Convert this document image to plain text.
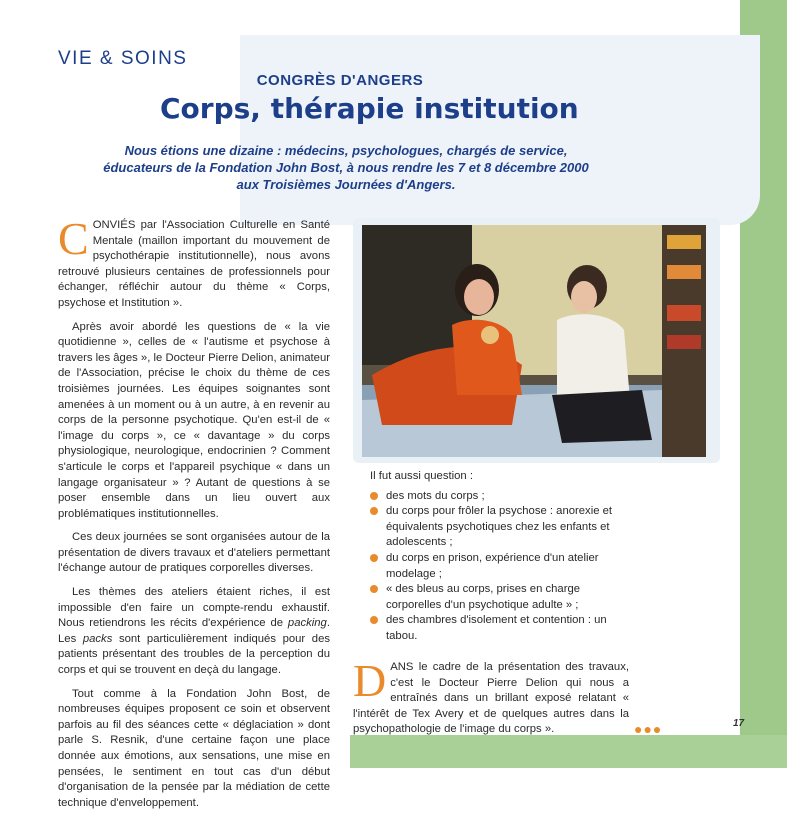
VIE & SOINS
CONGRÈS D'ANGERS
Corps, thérapie institution
Nous étions une dizaine : médecins, psychologues, chargés de service, éducateurs de la Fondation John Bost, à nous rendre les 7 et 8 décembre 2000 aux Troisièmes Journées d'Angers.

CONVIÉS par l'Association Culturelle en Santé Mentale (maillon important du mouvement de psychothérapie institutionnelle), nous avons retrouvé plusieurs centaines de professionnels pour échanger, réfléchir autour du thème « Corps, psychose et Institution ».

Après avoir abordé les questions de « la vie quotidienne », celles de « l'autisme et psychose à travers les âges », le Docteur Pierre Delion, animateur de l'Association, précise le choix du thème de ces troisièmes journées. Les équipes soignantes sont amenées à un moment ou à un autre, à en revenir au corps de la personne psychotique. Qu'en est-il de « l'image du corps », ce « davantage » du corps physiologique, neurologique, endocrinien ? Comment s'articule le corps et l'appareil psychique « dans un langage organisateur » ? Autant de questions à se poser ensemble dans un lieu ouvert aux problématiques institutionnelles.

Ces deux journées se sont organisées autour de la présentation de divers travaux et d'ateliers permettant l'échange autour de pratiques corporelles diverses.

Les thèmes des ateliers étaient riches, il est impossible d'en faire un compte-rendu exhaustif. Nous retiendrons les récits d'expérience de packing. Les packs sont particulièrement indiqués pour des patients présentant des troubles de la perception du corps et qui se trouvent en deçà du langage.

Tout comme à la Fondation John Bost, de nombreuses équipes proposent ce soin et observent parfois au fil des séances cette « déglaciation » dont parle S. Resnik, d'une certaine façon une place donnée aux émotions, aux sensations, une mise en pensées, le sentiment en tout cas d'un début d'organisation de la pensée par la médiation de cette technique d'enveloppement.

Il fut aussi question :
des mots du corps ;
du corps pour frôler la psychose : anorexie et équivalents psychotiques chez les enfants et adolescents ;
du corps en prison, expérience d'un atelier modelage ;
« des bleus au corps, prises en charge corporelles d'un psychotique adulte » ;
des chambres d'isolement et contention : un tabou.
DANS le cadre de la présentation des travaux, c'est le Docteur Pierre Delion qui nous a entraînés dans un brillant exposé relatant « l'intérêt de Tex Avery et de quelques autres dans la psychopathologie de l'image du corps ».	●●●	17
